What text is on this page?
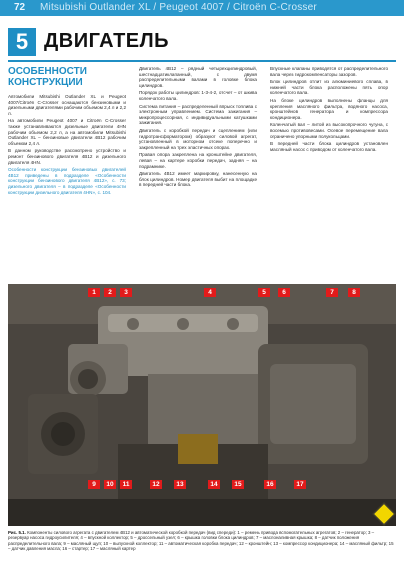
72 Mitsubishi Outlander XL / Peugeot 4007 / Citroën C-Crosser
5 ДВИГАТЕЛЬ
ОСОБЕННОСТИ КОНСТРУКЦИИ

Автомобили Mitsubishi Outlander XL и Peugeot 4007/Citroën C-Crosser оснащаются бензиновыми и дизельными двигателями рабочим объемом 2,4 л и 2,2 л.

На автомобили Peugeot 4007 и Citroën C-Crosser также устанавливаются дизельные двигатели 4HN рабочим объемом 2,2 л, а на автомобили Mitsubishi Outlander XL – бензиновые двигатели 4B12 рабочим объемом 2,4 л.

В данном руководстве рассмотрено устройство и ремонт бензинового двигателя 4B12 и дизельного двигателя 4HN.

Особенности конструкции бензиновых двигателей 4B12 приведены в подразделе «Особенности конструкции бензинового двигателя 4B12», с. 73; дизельного двигателя – в подразделе «Особенности конструкции дизельного двигателя 4HN», с. 104.

Двигатель 4B12 – рядный четырехцилиндровый, шестнадцатиклапанный, с двумя распределительными валами в головке блока цилиндров.

Порядок работы цилиндров: 1-3-4-2, отсчет – от шкива коленчатого вала.

Система питания – распределенный впрыск топлива с электронным управлением. Система зажигания – микропроцессорная, с индивидуальными катушками зажигания.

Двигатель с коробкой передач и сцеплением (или гидротрансформатором) образуют силовой агрегат, установленный в моторном отсеке поперечно и закрепленный на трех эластичных опорах.

Правая опора закреплена на кронштейне двигателя, левая – на картере коробки передач, задняя – на подрамнике.

Двигатель 4B12 имеет маркировку, нанесенную на блок цилиндров. Номер двигателя выбит на площадке в передней части блока.

Впускные клапаны приводятся от распределительного вала через гидрокомпенсаторы зазоров.

Блок цилиндров отлит из алюминиевого сплава, в нижней части блока расположены пять опор коленчатого вала.

На блоке цилиндров выполнены фланцы для крепления масляного фильтра, водяного насоса, кронштейнов генератора и компрессора кондиционера.

Коленчатый вал – литой из высокопрочного чугуна, с восемью противовесами. Осевое перемещение вала ограничено упорными полукольцами.

В передней части блока цилиндров установлен масляный насос с приводом от коленчатого вала.

1	2	3	4	5	6	7	8
9	10	11	12	13	14	15	16	17
Рис. 5.1. Компоненты силового агрегата с двигателем 4B12 и автоматической коробкой передач (вид спереди): 1 – ремень привода вспомогательных агрегатов; 2 – генератор; 3 – резервуар насоса гидроусилителя; 4 – впускной коллектор; 5 – дроссельный узел; 6 – крышка головки блока цилиндров; 7 – маслоналивная крышка; 8 – датчик положения распределительного вала; 9 – масляный щуп; 10 – выпускной коллектор; 11 – автоматическая коробка передач; 12 – кронштейн; 13 – компрессор кондиционера; 14 – масляный фильтр; 15 – датчик давления масла; 16 – стартер; 17 – масляный картер
